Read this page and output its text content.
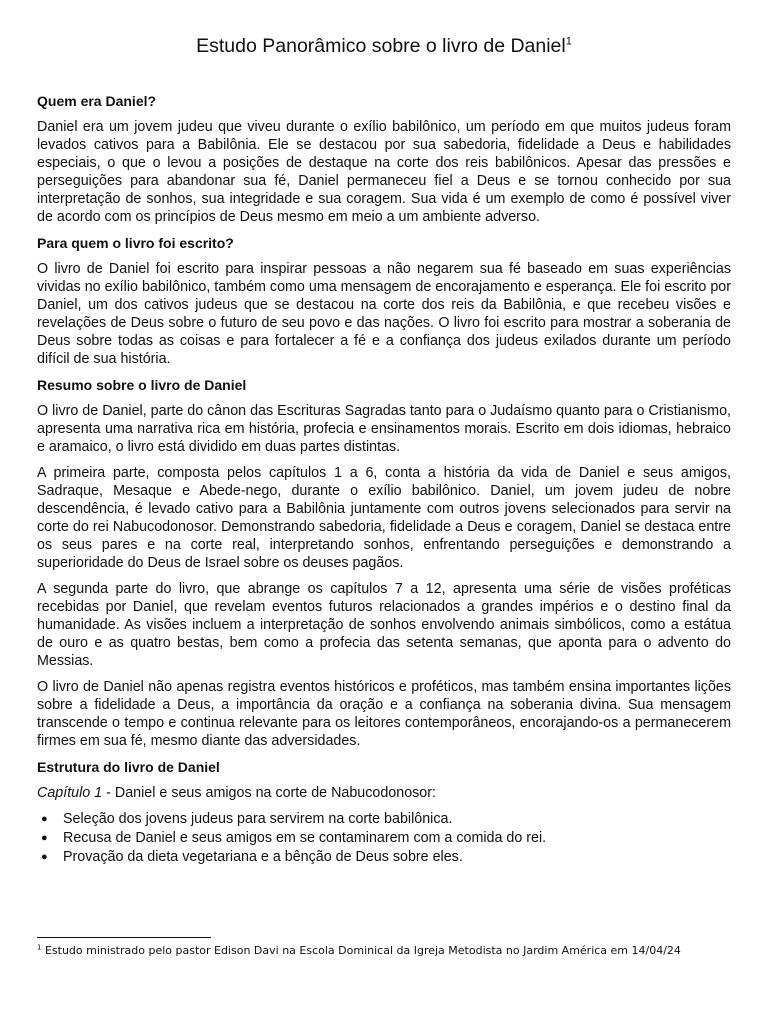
Estudo Panorâmico sobre o livro de Daniel$^1$
Quem era Daniel?

Daniel era um jovem judeu que viveu durante o exílio babilônico, um período em que muitos judeus foram levados cativos para a Babilônia. Ele se destacou por sua sabedoria, fidelidade a Deus e habilidades especiais, o que o levou a posições de destaque na corte dos reis babilônicos. Apesar das pressões e perseguições para abandonar sua fé, Daniel permaneceu fiel a Deus e se tornou conhecido por sua interpretação de sonhos, sua integridade e sua coragem. Sua vida é um exemplo de como é possível viver de acordo com os princípios de Deus mesmo em meio a um ambiente adverso.

Para quem o livro foi escrito?

O livro de Daniel foi escrito para inspirar pessoas a não negarem sua fé baseado em suas experiências vividas no exílio babilônico, também como uma mensagem de encorajamento e esperança. Ele foi escrito por Daniel, um dos cativos judeus que se destacou na corte dos reis da Babilônia, e que recebeu visões e revelações de Deus sobre o futuro de seu povo e das nações. O livro foi escrito para mostrar a soberania de Deus sobre todas as coisas e para fortalecer a fé e a confiança dos judeus exilados durante um período difícil de sua história.

Resumo sobre o livro de Daniel

O livro de Daniel, parte do cânon das Escrituras Sagradas tanto para o Judaísmo quanto para o Cristianismo, apresenta uma narrativa rica em história, profecia e ensinamentos morais. Escrito em dois idiomas, hebraico e aramaico, o livro está dividido em duas partes distintas.

A primeira parte, composta pelos capítulos 1 a 6, conta a história da vida de Daniel e seus amigos, Sadraque, Mesaque e Abede-nego, durante o exílio babilônico. Daniel, um jovem judeu de nobre descendência, é levado cativo para a Babilônia juntamente com outros jovens selecionados para servir na corte do rei Nabucodonosor. Demonstrando sabedoria, fidelidade a Deus e coragem, Daniel se destaca entre os seus pares e na corte real, interpretando sonhos, enfrentando perseguições e demonstrando a superioridade do Deus de Israel sobre os deuses pagãos.

A segunda parte do livro, que abrange os capítulos 7 a 12, apresenta uma série de visões proféticas recebidas por Daniel, que revelam eventos futuros relacionados a grandes impérios e o destino final da humanidade. As visões incluem a interpretação de sonhos envolvendo animais simbólicos, como a estátua de ouro e as quatro bestas, bem como a profecia das setenta semanas, que aponta para o advento do Messias.

O livro de Daniel não apenas registra eventos históricos e proféticos, mas também ensina importantes lições sobre a fidelidade a Deus, a importância da oração e a confiança na soberania divina. Sua mensagem transcende o tempo e continua relevante para os leitores contemporâneos, encorajando-os a permanecerem firmes em sua fé, mesmo diante das adversidades.

Estrutura do livro de Daniel

Capítulo 1 - Daniel e seus amigos na corte de Nabucodonosor:

● Seleção dos jovens judeus para servirem na corte babilônica.
● Recusa de Daniel e seus amigos em se contaminarem com a comida do rei.
● Provação da dieta vegetariana e a bênção de Deus sobre eles.
$^1$ Estudo ministrado pelo pastor Edison Davi na Escola Dominical da Igreja Metodista no Jardim América em 14/04/24
